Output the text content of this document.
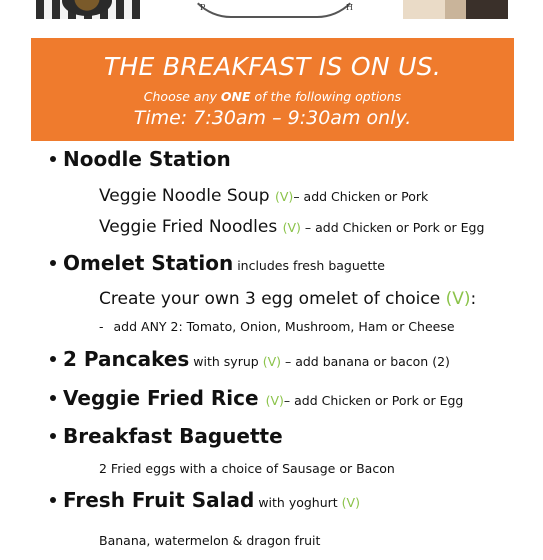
P	H
THE BREAKFAST IS ON US.
Choose any ONE of the following options
Time: 7:30am – 9:30am only.
Noodle Station
Veggie Noodle Soup (V)– add Chicken or Pork
Veggie Fried Noodles (V) – add Chicken or Pork or Egg
Omelet Station includes fresh baguette
Create your own 3 egg omelet of choice (V):
- add ANY 2: Tomato, Onion, Mushroom, Ham or Cheese
2 Pancakes with syrup (V) – add banana or bacon (2)
Veggie Fried Rice (V)– add Chicken or Pork or Egg
Breakfast Baguette
2 Fried eggs with a choice of Sausage or Bacon
Fresh Fruit Salad with yoghurt (V)
Banana, watermelon & dragon fruit
